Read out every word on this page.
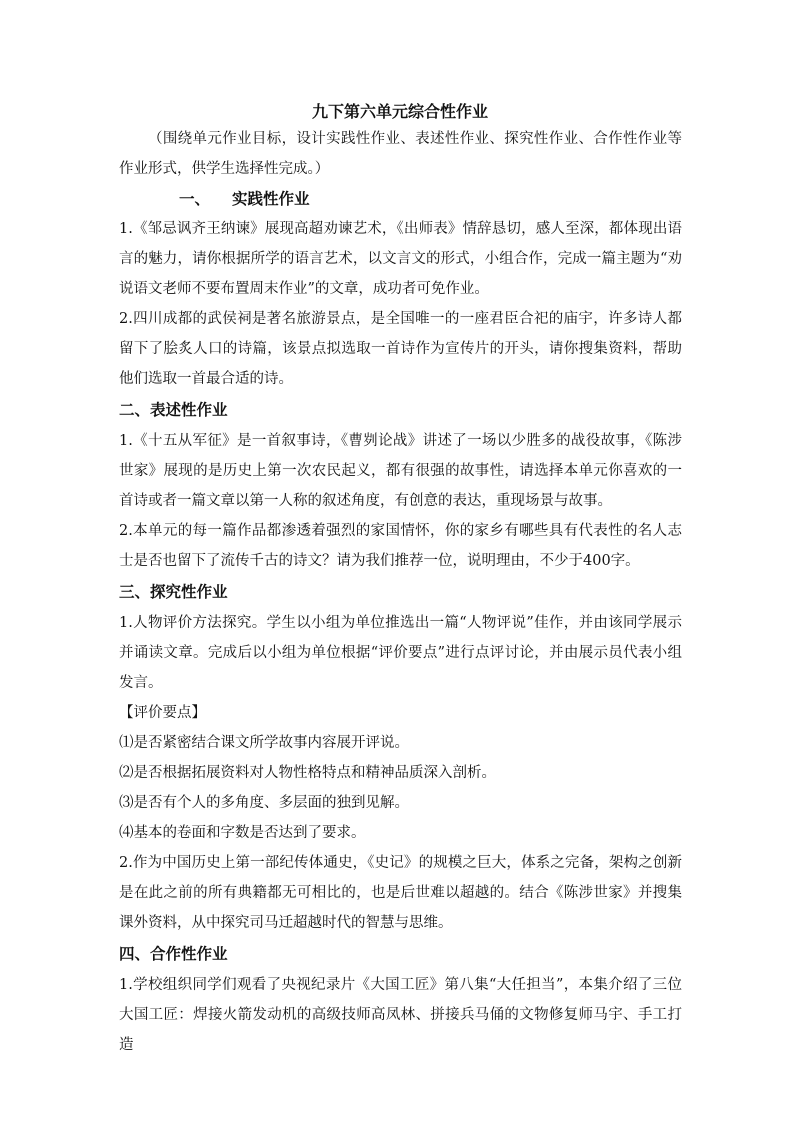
九下第六单元综合性作业

（围绕单元作业目标，设计实践性作业、表述性作业、探究性作业、合作性作业等作业形式，供学生选择性完成。）

一、 实践性作业

1.《邹忌讽齐王纳谏》展现高超劝谏艺术，《出师表》情辞恳切，感人至深，都体现出语言的魅力，请你根据所学的语言艺术，以文言文的形式，小组合作，完成一篇主题为“劝说语文老师不要布置周末作业”的文章，成功者可免作业。

2.四川成都的武侯祠是著名旅游景点，是全国唯一的一座君臣合祀的庙宇，许多诗人都留下了脍炙人口的诗篇，该景点拟选取一首诗作为宣传片的开头，请你搜集资料，帮助他们选取一首最合适的诗。

二、表述性作业

1.《十五从军征》是一首叙事诗，《曹刿论战》讲述了一场以少胜多的战役故事，《陈涉世家》展现的是历史上第一次农民起义，都有很强的故事性，请选择本单元你喜欢的一首诗或者一篇文章以第一人称的叙述角度，有创意的表达，重现场景与故事。

2.本单元的每一篇作品都渗透着强烈的家国情怀，你的家乡有哪些具有代表性的名人志士是否也留下了流传千古的诗文？请为我们推荐一位，说明理由，不少于400字。

三、探究性作业

1.人物评价方法探究。学生以小组为单位推选出一篇“人物评说”佳作，并由该同学展示并诵读文章。完成后以小组为单位根据“评价要点”进行点评讨论，并由展示员代表小组发言。

【评价要点】

⑴是否紧密结合课文所学故事内容展开评说。

⑵是否根据拓展资料对人物性格特点和精神品质深入剖析。

⑶是否有个人的多角度、多层面的独到见解。

⑷基本的卷面和字数是否达到了要求。

2.作为中国历史上第一部纪传体通史，《史记》的规模之巨大，体系之完备，架构之创新是在此之前的所有典籍都无可相比的，也是后世难以超越的。结合《陈涉世家》并搜集课外资料，从中探究司马迁超越时代的智慧与思维。

四、合作性作业

1.学校组织同学们观看了央视纪录片《大国工匠》第八集“大任担当”，本集介绍了三位大国工匠：焊接火箭发动机的高级技师高凤林、拼接兵马俑的文物修复师马宇、手工打造
